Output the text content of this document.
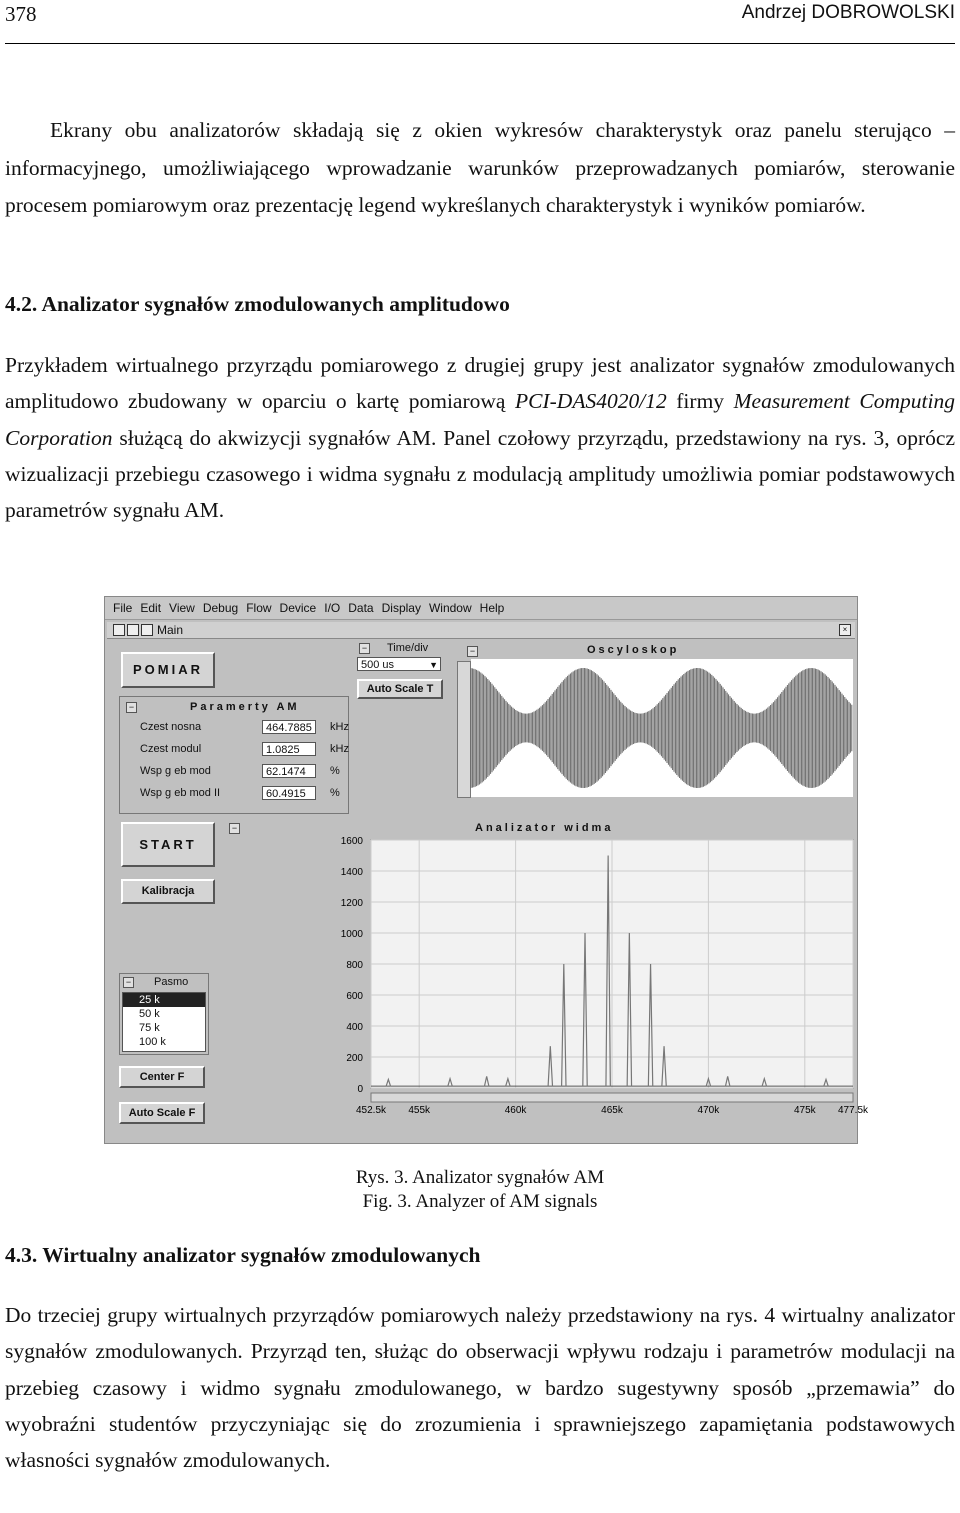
378	Andrzej DOBROWOLSKI

Ekrany obu analizatorów składają się z okien wykresów charakterystyk oraz panelu sterująco – informacyjnego, umożliwiającego wprowadzanie warunków przeprowadzanych pomiarów, sterowanie procesem pomiarowym oraz prezentację legend wykreślanych charakterystyk i wyników pomiarów.

4.2. Analizator sygnałów zmodulowanych amplitudowo

Przykładem wirtualnego przyrządu pomiarowego z drugiej grupy jest analizator sygnałów zmodulowanych amplitudowo zbudowany w oparciu o kartę pomiarową PCI-DAS4020/12 firmy Measurement Computing Corporation służącą do akwizycji sygnałów AM. Panel czołowy przyrządu, przedstawiony na rys. 3, oprócz wizualizacji przebiegu czasowego i widma sygnału z modulacją amplitudy umożliwia pomiar podstawowych parametrów sygnału AM.

File Edit View Debug Flow Device I/O Data Display Window Help
Main	×
POMIAR
−	Paramerty AM
Czest nosna	464.7885	kHz
Czest modul	1.0825	kHz
Wsp g eb mod	62.1474	%
Wsp g eb mod II	60.4915	%
− Time/div
500 us	▼
Auto Scale T
START
Kalibracja
− Pasmo
25 k
50 k
75 k
100 k
Center F
Auto Scale F
−	Oscyloskop
−	Analizator widma
1600
1400
1200
1000
800
600
400
200
0
452.5k 455k	460k	465k	470k	475k 477.5k
Rys. 3. Analizator sygnałów AM
Fig. 3. Analyzer of AM signals
4.3. Wirtualny analizator sygnałów zmodulowanych

Do trzeciej grupy wirtualnych przyrządów pomiarowych należy przedstawiony na rys. 4 wirtualny analizator sygnałów zmodulowanych. Przyrząd ten, służąc do obserwacji wpływu rodzaju i parametrów modulacji na przebieg czasowy i widmo sygnału zmodulowanego, w bardzo sugestywny sposób „przemawia” do wyobraźni studentów przyczyniając się do zrozumienia i sprawniejszego zapamiętania podstawowych własności sygnałów zmodulowanych.
